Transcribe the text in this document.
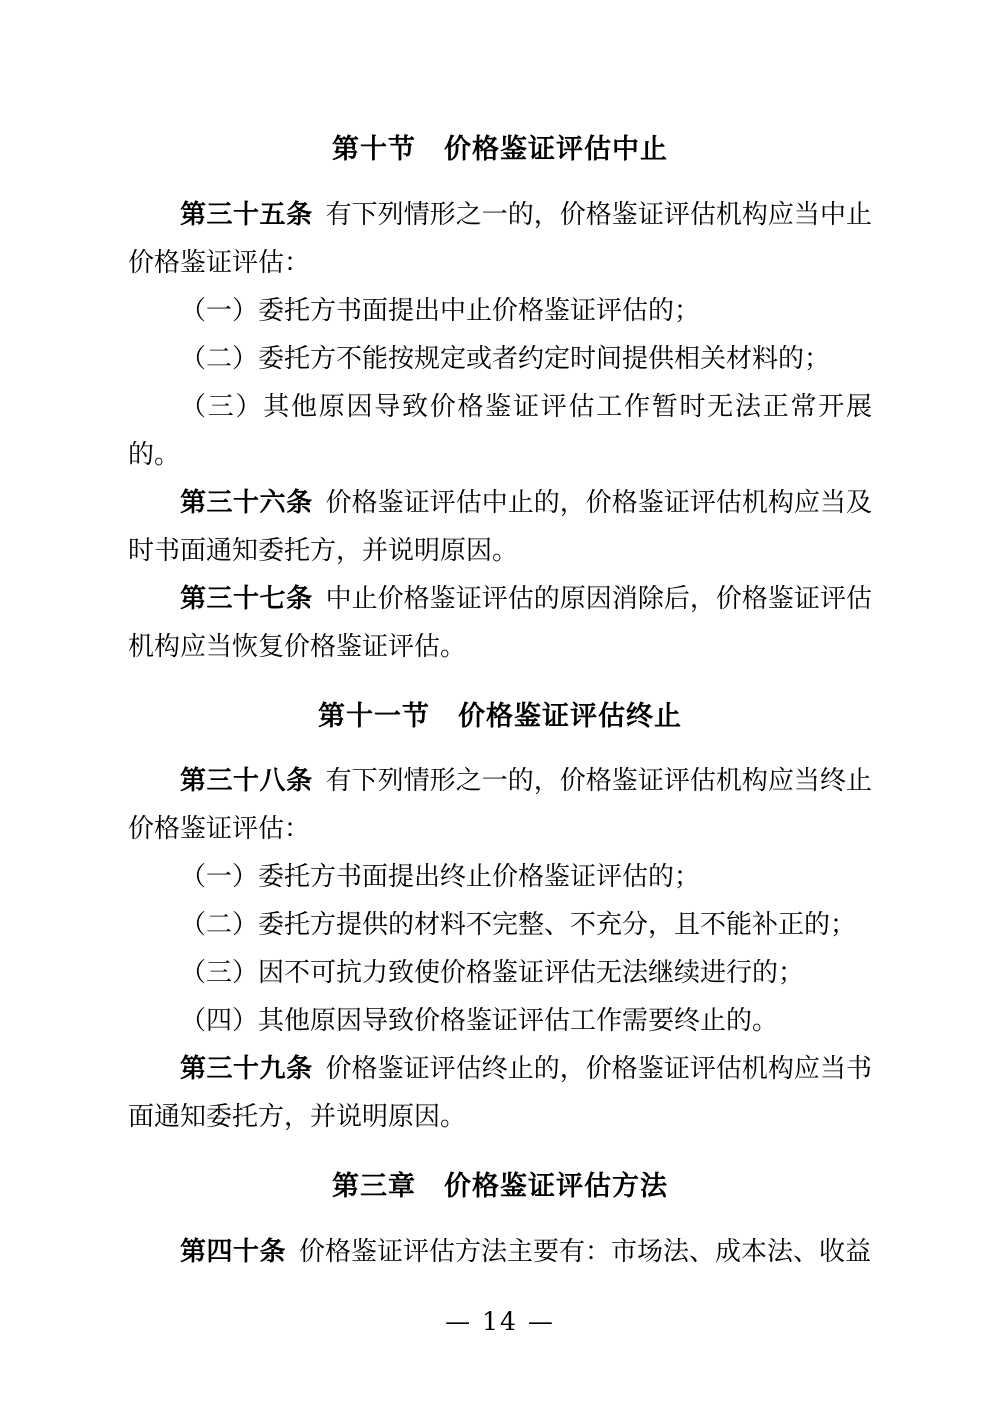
第十节　价格鉴证评估中止

第三十五条 有下列情形之一的，价格鉴证评估机构应当中止价格鉴证评估：

（一）委托方书面提出中止价格鉴证评估的；

（二）委托方不能按规定或者约定时间提供相关材料的；

（三）其他原因导致价格鉴证评估工作暂时无法正常开展的。

第三十六条 价格鉴证评估中止的，价格鉴证评估机构应当及时书面通知委托方，并说明原因。

第三十七条 中止价格鉴证评估的原因消除后，价格鉴证评估机构应当恢复价格鉴证评估。

第十一节　价格鉴证评估终止

第三十八条 有下列情形之一的，价格鉴证评估机构应当终止价格鉴证评估：

（一）委托方书面提出终止价格鉴证评估的；

（二）委托方提供的材料不完整、不充分，且不能补正的；

（三）因不可抗力致使价格鉴证评估无法继续进行的；

（四）其他原因导致价格鉴证评估工作需要终止的。

第三十九条 价格鉴证评估终止的，价格鉴证评估机构应当书面通知委托方，并说明原因。

第三章　价格鉴证评估方法

第四十条 价格鉴证评估方法主要有：市场法、成本法、收益

— 14 —
